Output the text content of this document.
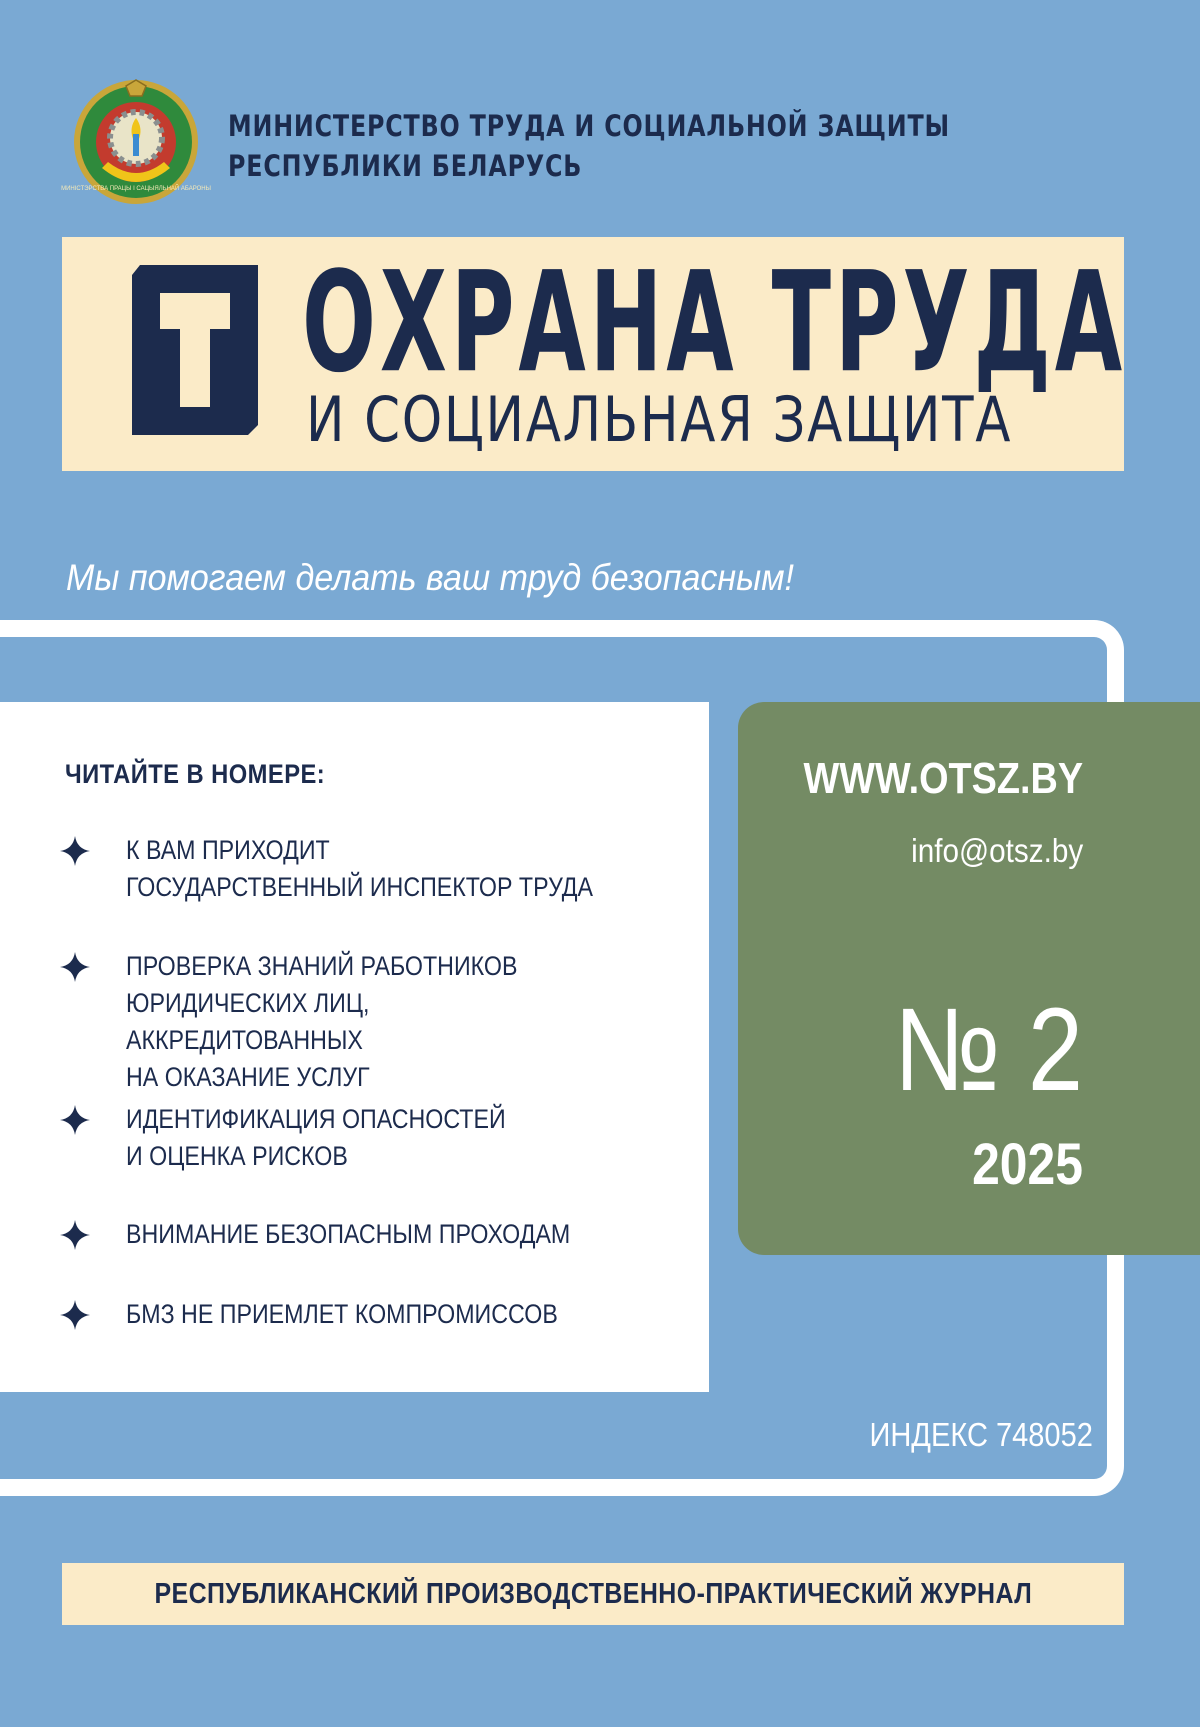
МИНІСТЭРСТВА ПРАЦЫ І САЦЫЯЛЬНАЙ АБАРОНЫ
МИНИСТЕРСТВО ТРУДА И СОЦИАЛЬНОЙ ЗАЩИТЫ
РЕСПУБЛИКИ БЕЛАРУСЬ
ОХРАНА ТРУДА
И СОЦИАЛЬНАЯ ЗАЩИТА
Мы помогаем делать ваш труд безопасным!
ЧИТАЙТЕ В НОМЕРЕ:
К ВАМ ПРИХОДИТ
ГОСУДАРСТВЕННЫЙ ИНСПЕКТОР ТРУДА
ПРОВЕРКА ЗНАНИЙ РАБОТНИКОВ
ЮРИДИЧЕСКИХ ЛИЦ, АККРЕДИТОВАННЫХ
НА ОКАЗАНИЕ УСЛУГ
ИДЕНТИФИКАЦИЯ ОПАСНОСТЕЙ
И ОЦЕНКА РИСКОВ
ВНИМАНИЕ БЕЗОПАСНЫМ ПРОХОДАМ
БМЗ НЕ ПРИЕМЛЕТ КОМПРОМИССОВ
WWW.OTSZ.BY
info@otsz.by
№ 2
2025
ИНДЕКС 748052
РЕСПУБЛИКАНСКИЙ ПРОИЗВОДСТВЕННО-ПРАКТИЧЕСКИЙ ЖУРНАЛ
